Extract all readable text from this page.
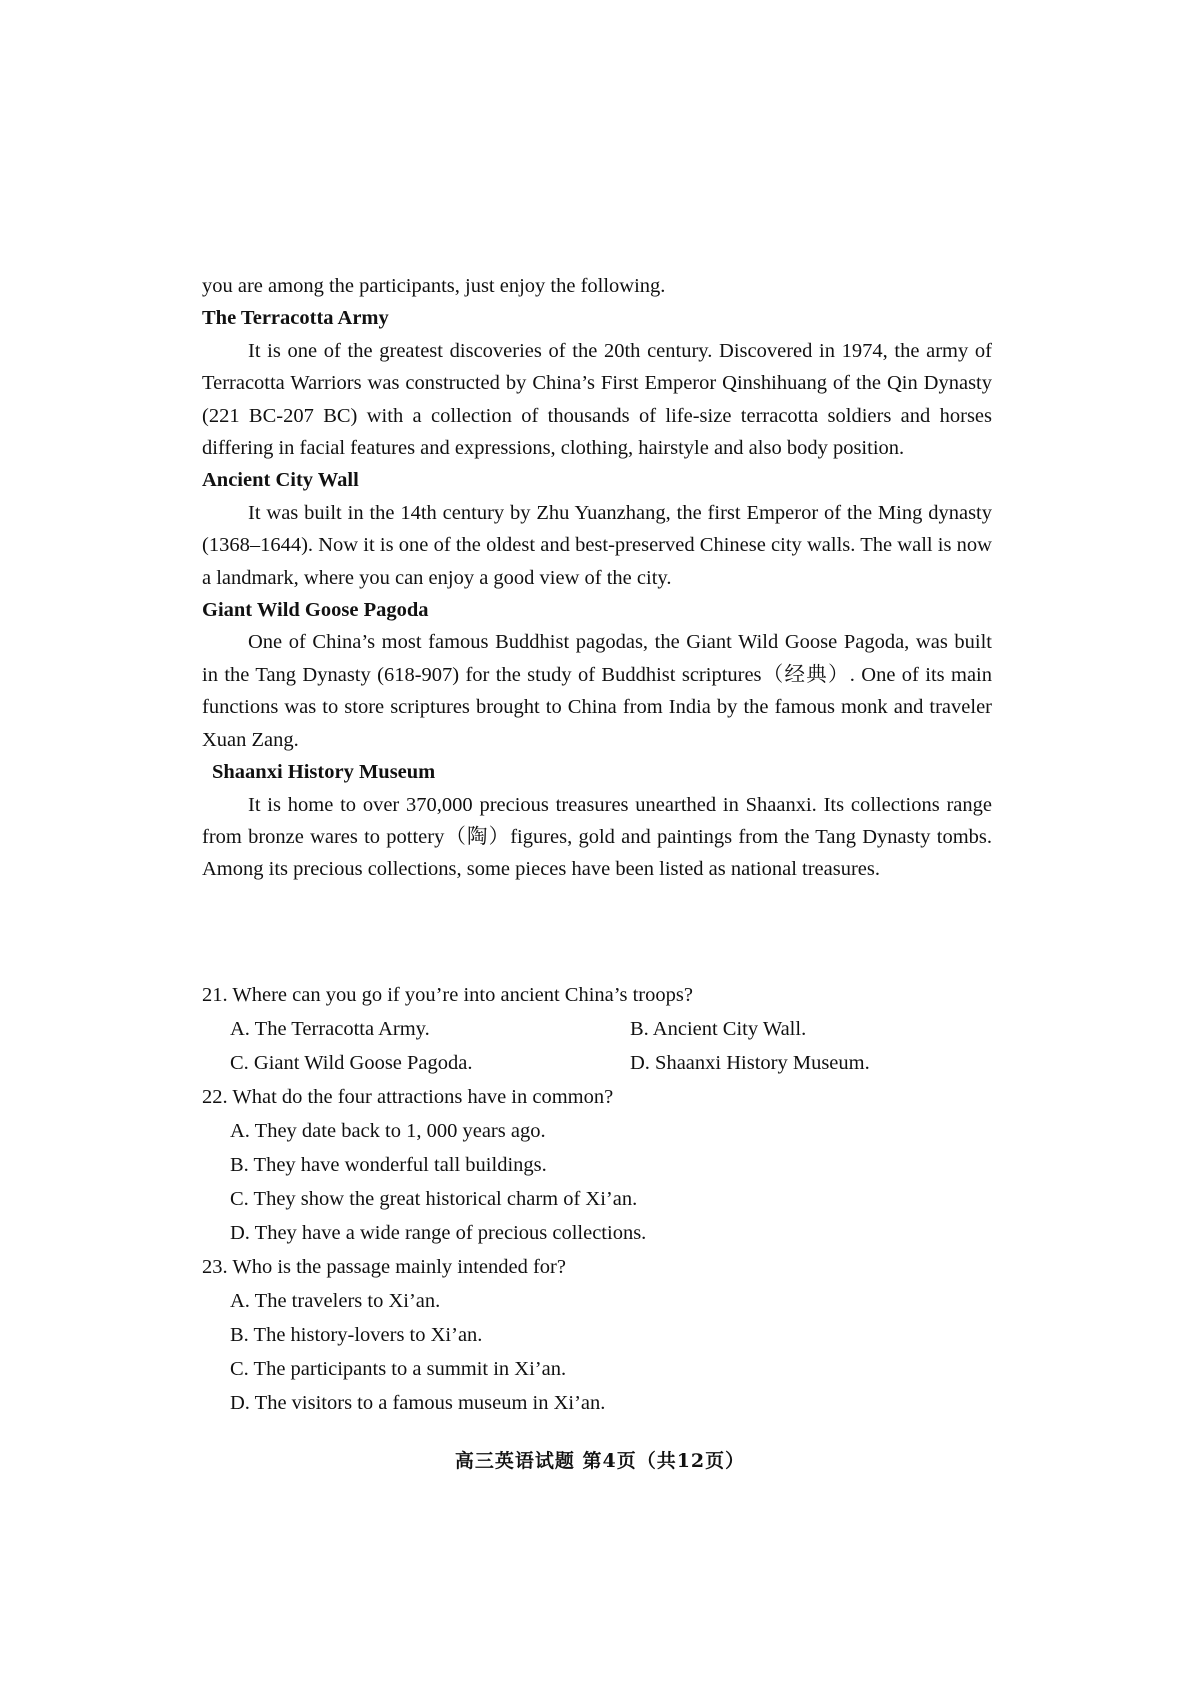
you are among the participants, just enjoy the following.

The Terracotta Army

It is one of the greatest discoveries of the 20th century. Discovered in 1974, the army of Terracotta Warriors was constructed by China’s First Emperor Qinshihuang of the Qin Dynasty (221 BC-207 BC) with a collection of thousands of life-size terracotta soldiers and horses differing in facial features and expressions, clothing, hairstyle and also body position.

Ancient City Wall

It was built in the 14th century by Zhu Yuanzhang, the first Emperor of the Ming dynasty (1368–1644). Now it is one of the oldest and best-preserved Chinese city walls. The wall is now a landmark, where you can enjoy a good view of the city.

Giant Wild Goose Pagoda

One of China’s most famous Buddhist pagodas, the Giant Wild Goose Pagoda, was built in the Tang Dynasty (618-907) for the study of Buddhist scriptures（经典）. One of its main functions was to store scriptures brought to China from India by the famous monk and traveler Xuan Zang.

Shaanxi History Museum

It is home to over 370,000 precious treasures unearthed in Shaanxi. Its collections range from bronze wares to pottery（陶）figures, gold and paintings from the Tang Dynasty tombs. Among its precious collections, some pieces have been listed as national treasures.

21. Where can you go if you’re into ancient China’s troops?

A. The Terracotta Army.	B. Ancient City Wall.

C. Giant Wild Goose Pagoda.	D. Shaanxi History Museum.

22. What do the four attractions have in common?

A. They date back to 1, 000 years ago.

B. They have wonderful tall buildings.

C. They show the great historical charm of Xi’an.

D. They have a wide range of precious collections.

23. Who is the passage mainly intended for?

A. The travelers to Xi’an.

B. The history-lovers to Xi’an.

C. The participants to a summit in Xi’an.

D. The visitors to a famous museum in Xi’an.

高三英语试题 第4页（共12页）
